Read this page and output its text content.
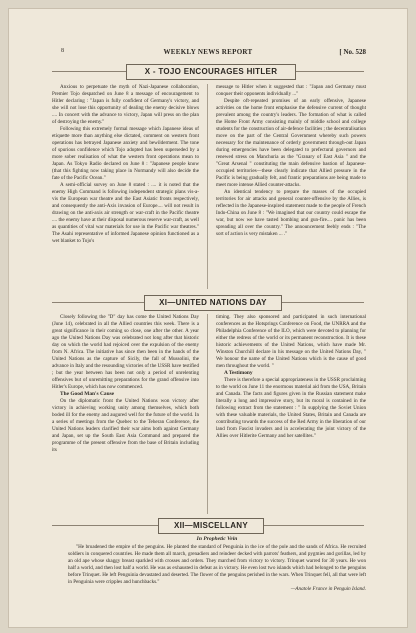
8	WEEKLY NEWS REPORT	[ No. 528
X - TOJO ENCOURAGES HITLER

Anxious to perpetuate the myth of Nazi-Japanese collaboration, Premier Tojo despatched on June 8 a message of encouragement to Hitler declaring : "Japan is fully confident of Germany's victory, and she will not lose this opportunity of dealing the enemy decisive blows .... In concert with the advance to victory, Japan will press on the plan of destroying the enemy."

Following this extremely formal message which Japanese ideas of etiquette more than anything else dictated, comment on western front operations has betrayed Japanese anxiety and bewilderment. The tone of spurious confidence which Tojo adopted has been superseded by a more sober realisation of what the western front operations mean to Japan. As Tokyo Radio declared on June 8 : "Japanese people know (that this fighting now taking place in Normandy will also decide the fate of the Pacific Ocean."

A semi-official survey on June 8 stated : .... it is noted that the enemy High Command is following independent strategic plans vis-a-vis the European war theatre and the East Asiatic fronts respectively, and consequently the anti-Axis invasion of Europe.... will not result in drawing on the anti-axis air strength or war-craft in the Pacific theatre .... the enemy have at their disposal numerous reserve war-craft, as well as quantities of vital war materials for use in the Pacific war theatres." The Asahi representative of informed Japanese opinion functioned as a wet blanket to Tojo's

message to Hitler when it suggested that : "Japan and Germany must conquer their opponents individually ..."

Despite oft-repeated promises of an early offensive, Japanese activities on the home front emphasise the defensive current of thought prevalent among the country's leaders. The formation of what is called the Home Front Army consisting mainly of middle school and college students for the construction of air-defence facilities ; the decentralisation move on the part of the Central Government whereby such powers necessary for the maintenance of orderly government through-out Japan during emergencies have been delegated to prefectural governors and renewed stress on Manchuria as the "Granary of East Asia " and the "Great Arsenal " constituting the main defensive bastion of Japanese-occupied territories—these clearly indicate that Allied pressure in the Pacific is being gradually felt, and frantic preparations are being made to meet more intense Allied counter-attacks.

An identical tendency to prepare the masses of the occupied territories for air attacks and general counter-offensive by the Allies, is reflected in the Japanese-inspired statement made to the people of French Indo-China on June 8 : "We imagined that our country could escape the war, but now we have tasted bombing and gun-fire.... panic has been spreading all over the country." The announcement feebly ends : "The sort of action is very mistaken ... ."

XI—UNITED NATIONS DAY

Closely following the "D" day has come the United Nations Day (June 14), celebrated in all the Allied countries this week. There is a great significance in their coming so close, one after the other. A year ago the United Nations Day was celebrated not long after that historic day on which the world had rejoiced over the expulsion of the enemy from N. Africa. The initiative has since then been in the hands of the United Nations as the capture of Sicily, the fall of Mussolini, the advance in Italy and the resounding victories of the USSR have testified ; but the year between has been not only a period of unrelenting offensives but of unremitting preparations for the grand offensive into Hitler's Europe, which has now commenced.

The Good Man's Cause

On the diplomatic front the United Nations won victory after victory in achieving working unity among themselves, which both boded ill for the enemy and augured well for the future of the world. In a series of meetings from the Quebec to the Teheran Conference, the United Nations leaders clarified their war aims both against Germany and Japan, set up the South East Asia Command and prepared the programme of the present offensive from the base of Britain including its

timing. They also sponsored and participated in such international conferences as the Hotsprings Conference on Food, the UNRRA and the Philadelphia Conference of the ILO, which were devoted to planning for either the redress of the world or its permanent reconstruction. It is these historic achievements of the United Nations, which have made Mr. Winston Churchill declare in his message on the United Nations Day, " We honour the name of the United Nations which is the cause of good men throughout the world. "

A Testimony

There is therefore a special appropriateness in the USSR proclaiming to the world on June 11 the enormous material aid from the USA, Britain and Canada. The facts and figures given in the Russian statement make literally a long and impressive story, but its moral is contained in the following extract from the statement : " In supplying the Soviet Union with these valuable materials, the United States, Britain and Canada are contributing towards the success of the Red Army in the liberation of our land from Fascist invaders and in accelerating the joint victory of the Allies over Hitlerite Germany and her satellites."

XII—MISCELLANY
In Prophetic Vein

"He broadened the empire of the penguins. He planted the standard of Penguinia in the ice of the pole and the sands of Africa. He recruited soldiers in conquered countries. He made them all march, grenadiers and reindeer decked with parrots' feathers, and pygmies and gorillas, led by an old ape whose shaggy breast sparkled with crosses and orders. They marched from victory to victory. Trinquet warred for 30 years. He won half a world, and then lost half a world. He was as exhausted in defeat as in victory. He even lost two islands which had belonged to the penguins before Trinquet. He left Penguinia devastated and deserted. The flower of the penguins perished in the wars. When Trinquet fell, all that were left in Penguinia were cripples and hunchbacks."

—Anatole France in Penguin Island.
